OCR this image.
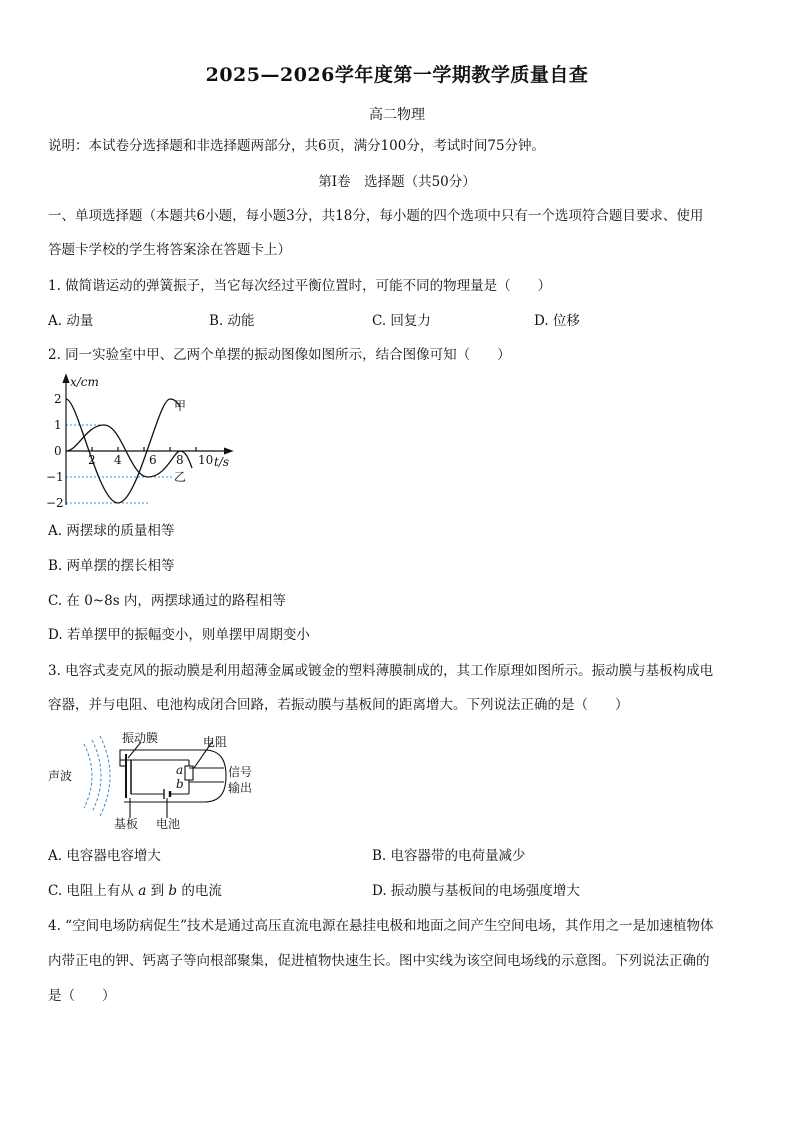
2025—2026学年度第一学期教学质量自查
高二物理
说明：本试卷分选择题和非选择题两部分，共6页，满分100分，考试时间75分钟。
第Ⅰ卷　选择题（共50分）
一、单项选择题（本题共6小题，每小题3分，共18分，每小题的四个选项中只有一个选项符合题目要求、使用
答题卡学校的学生将答案涂在答题卡上）
1. 做简谐运动的弹簧振子，当它每次经过平衡位置时，可能不同的物理量是（　　）
A. 动量	B. 动能	C. 回复力	D. 位移
2. 同一实验室中甲、乙两个单摆的振动图像如图所示，结合图像可知（　　）
x/cm
t/s
2
1
0
−1
−2
2 4 6 8 10
甲
乙
A. 两摆球的质量相等
B. 两单摆的摆长相等
C. 在 0~8s 内，两摆球通过的路程相等
D. 若单摆甲的振幅变小，则单摆甲周期变小
3. 电容式麦克风的振动膜是利用超薄金属或镀金的塑料薄膜制成的，其工作原理如图所示。振动膜与基板构成电
容器，并与电阻、电池构成闭合回路，若振动膜与基板间的距离增大。下列说法正确的是（　　）
振动膜	电阻
声波	信号
输出
基板 电池
a
b
A. 电容器电容增大	B. 电容器带的电荷量减少
C. 电阻上有从 a 到 b 的电流	D. 振动膜与基板间的电场强度增大
4. “空间电场防病促生”技术是通过高压直流电源在悬挂电极和地面之间产生空间电场，其作用之一是加速植物体
内带正电的钾、钙离子等向根部聚集，促进植物快速生长。图中实线为该空间电场线的示意图。下列说法正确的
是（　　）
